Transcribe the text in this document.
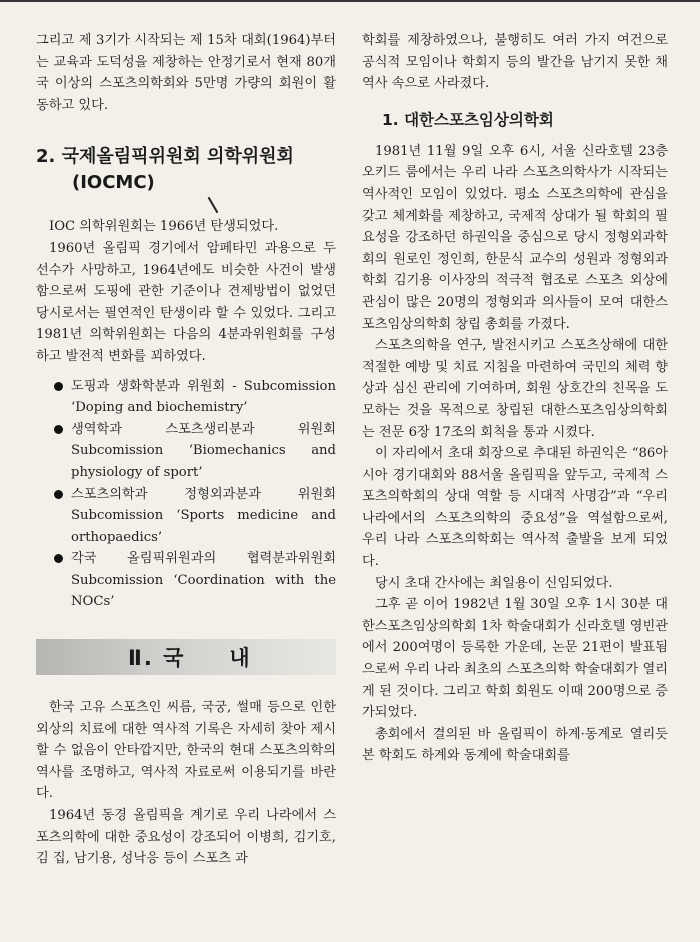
그리고 제 3기가 시작되는 제 15차 대회(1964)부터는 교육과 도덕성을 제창하는 안정기로서 현재 80개국 이상의 스포츠의학회와 5만명 가량의 회원이 활동하고 있다.

2. 국제올림픽위원회 의학위원회
(IOCMC)

IOC 의학위원회는 1966년 탄생되었다.

1960년 올림픽 경기에서 암페타민 과용으로 두 선수가 사망하고, 1964년에도 비슷한 사건이 발생함으로써 도핑에 관한 기준이나 견제방법이 없었던 당시로서는 필연적인 탄생이라 할 수 있었다. 그리고 1981년 의학위원회는 다음의 4분과위원회를 구성하고 발전적 변화를 꾀하였다.

도핑과 생화학분과 위원회 - Subcomission ‘Doping and biochemistry’
생역학과 스포츠생리분과 위원회 Subcomission ‘Biomechanics and physiology of sport’
스포츠의학과 정형외과분과 위원회 Subcomission ‘Sports medicine and orthopaedics’
각국 올림픽위원과의 협력분과위원회 Subcomission ‘Coordination with the NOCs’
Ⅱ. 국 내

한국 고유 스포츠인 씨름, 국궁, 썰매 등으로 인한 외상의 치료에 대한 역사적 기록은 자세히 찾아 제시할 수 없음이 안타깝지만, 한국의 현대 스포츠의학의 역사를 조명하고, 역사적 자료로써 이용되기를 바란다.

1964년 동경 올림픽을 계기로 우리 나라에서 스포츠의학에 대한 중요성이 강조되어 이병희, 김기호, 김 집, 남기용, 성낙응 등이 스포츠 과

학회를 제창하였으나, 불행히도 여러 가지 여건으로 공식적 모임이나 학회지 등의 발간을 남기지 못한 채 역사 속으로 사라졌다.

1. 대한스포츠임상의학회

1981년 11월 9일 오후 6시, 서울 신라호텔 23층 오키드 룸에서는 우리 나라 스포츠의학사가 시작되는 역사적인 모임이 있었다. 평소 스포츠의학에 관심을 갖고 체계화를 제창하고, 국제적 상대가 될 학회의 필요성을 강조하던 하권익을 중심으로 당시 정형외과학회의 원로인 정인희, 한문식 교수의 성원과 정형외과학회 김기용 이사장의 적극적 협조로 스포츠 외상에 관심이 많은 20명의 정형외과 의사들이 모여 대한스포츠임상의학회 창립 총회를 가졌다.

스포츠의학을 연구, 발전시키고 스포츠상해에 대한 적절한 예방 및 치료 지침을 마련하여 국민의 체력 향상과 심신 관리에 기여하며, 회원 상호간의 친목을 도모하는 것을 목적으로 창립된 대한스포츠임상의학회는 전문 6장 17조의 회칙을 통과 시켰다.

이 자리에서 초대 회장으로 추대된 하권익은 “86아시아 경기대회와 88서울 올림픽을 앞두고, 국제적 스포츠의학회의 상대 역할 등 시대적 사명감”과 “우리 나라에서의 스포츠의학의 중요성”을 역설함으로써, 우리 나라 스포츠의학회는 역사적 출발을 보게 되었다.

당시 초대 간사에는 최일용이 신임되었다.

그후 곧 이어 1982년 1월 30일 오후 1시 30분 대한스포츠임상의학회 1차 학술대회가 신라호텔 영빈관에서 200여명이 등록한 가운데, 논문 21편이 발표됨으로써 우리 나라 최초의 스포츠의학 학술대회가 열리게 된 것이다. 그리고 학회 회원도 이때 200명으로 증가되었다.

총회에서 결의된 바 올림픽이 하계·동계로 열리듯 본 학회도 하계와 동계에 학술대회를
